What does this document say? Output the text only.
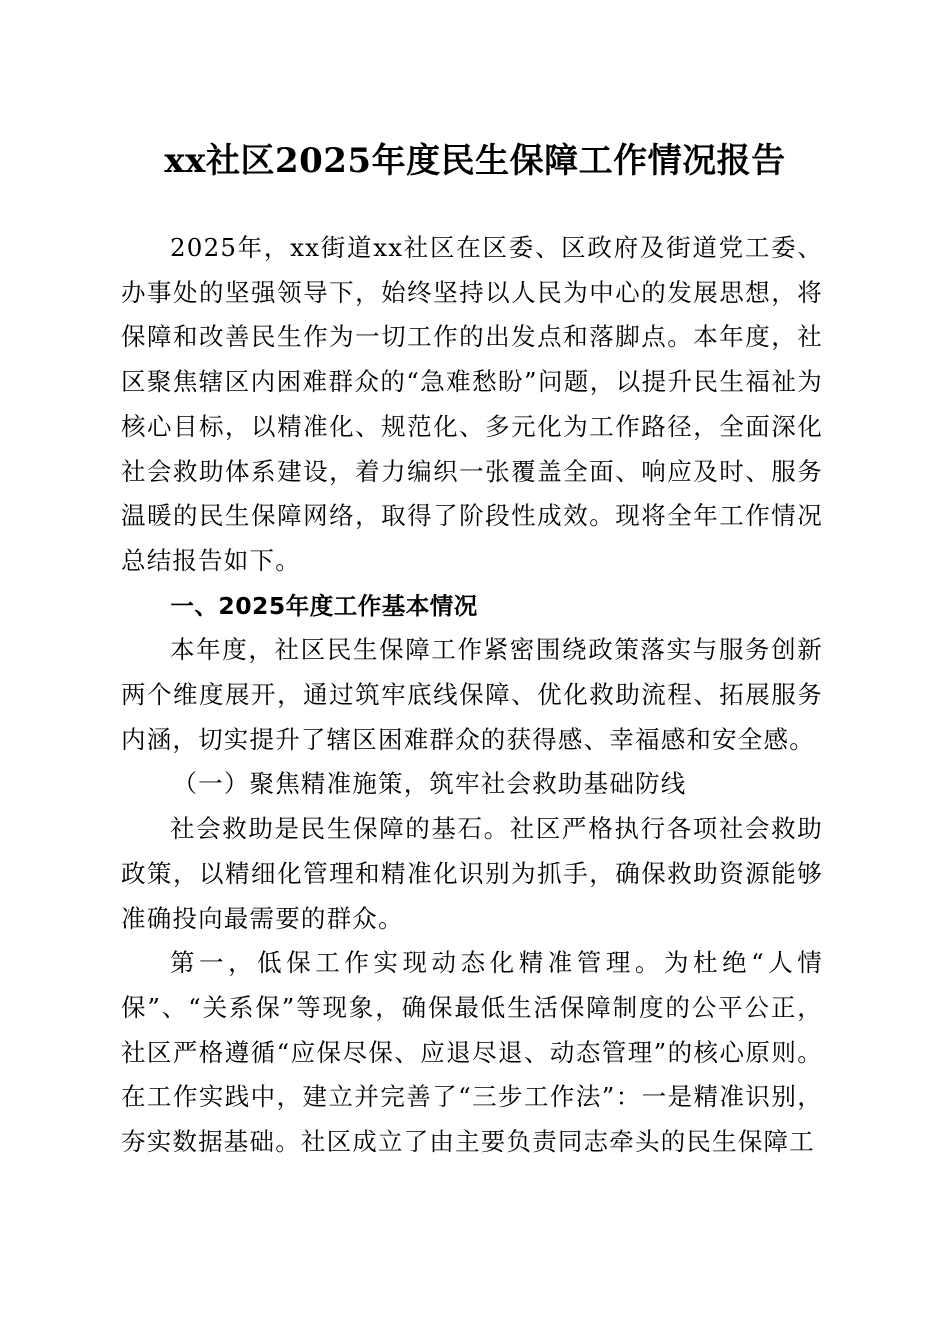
xx社区2025年度民生保障工作情况报告

2025年，xx街道xx社区在区委、区政府及街道党工委、办事处的坚强领导下，始终坚持以人民为中心的发展思想，将保障和改善民生作为一切工作的出发点和落脚点。本年度，社区聚焦辖区内困难群众的“急难愁盼”问题，以提升民生福祉为核心目标，以精准化、规范化、多元化为工作路径，全面深化社会救助体系建设，着力编织一张覆盖全面、响应及时、服务温暖的民生保障网络，取得了阶段性成效。现将全年工作情况总结报告如下。

一、2025年度工作基本情况

本年度，社区民生保障工作紧密围绕政策落实与服务创新两个维度展开，通过筑牢底线保障、优化救助流程、拓展服务内涵，切实提升了辖区困难群众的获得感、幸福感和安全感。

（一）聚焦精准施策，筑牢社会救助基础防线

社会救助是民生保障的基石。社区严格执行各项社会救助政策，以精细化管理和精准化识别为抓手，确保救助资源能够准确投向最需要的群众。

第一，低保工作实现动态化精准管理。为杜绝“人情保”、“关系保”等现象，确保最低生活保障制度的公平公正，社区严格遵循“应保尽保、应退尽退、动态管理”的核心原则。在工作实践中，建立并完善了“三步工作法”：一是精准识别，夯实数据基础。社区成立了由主要负责同志牵头的民生保障工
